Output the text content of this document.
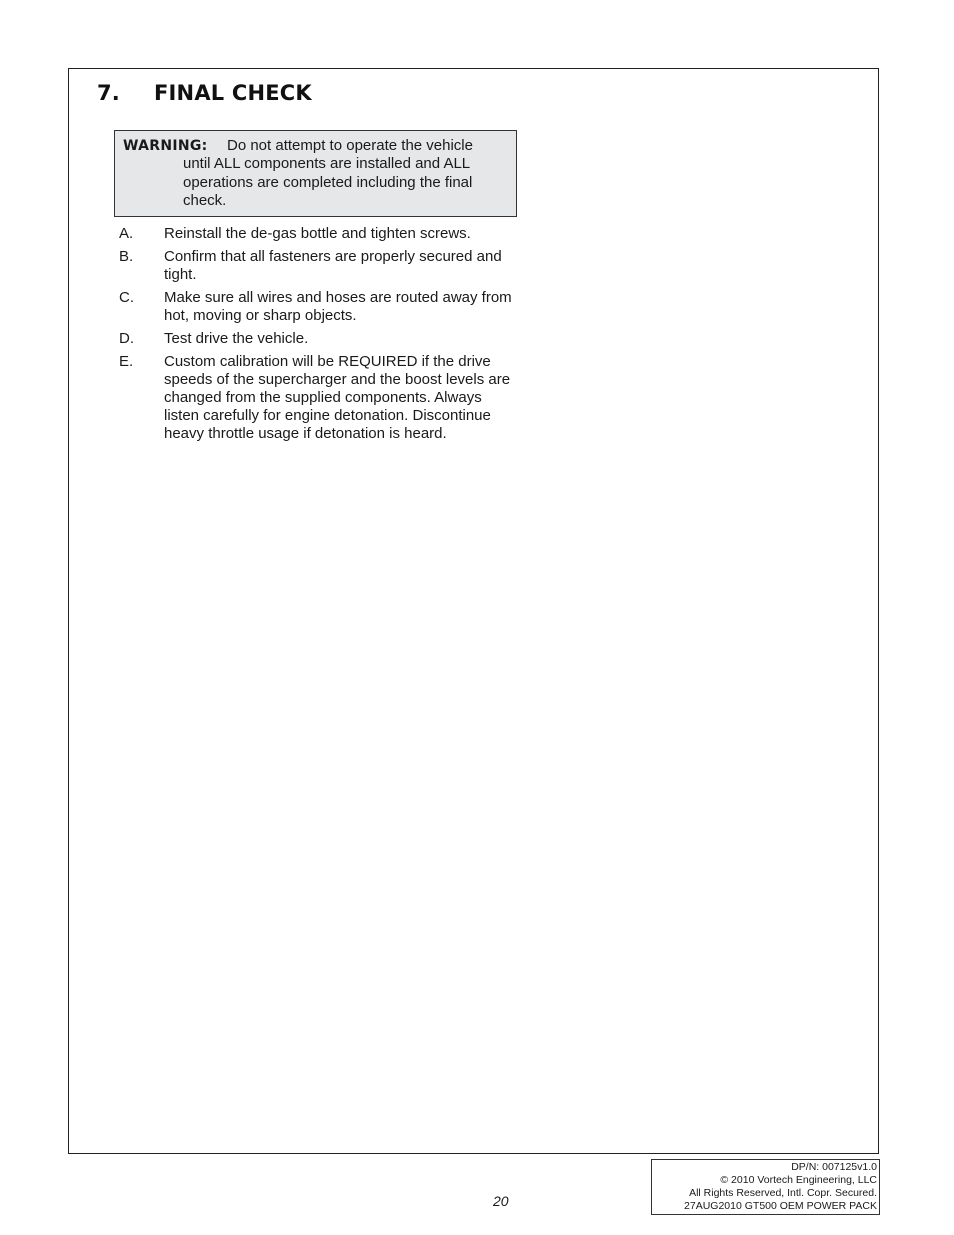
7.	FINAL CHECK
WARNING:	Do not attempt to operate the vehicle
until ALL components are installed and ALL
operations are completed including the final
check.
A.	Reinstall the de-gas bottle and tighten screws.
B.	Confirm that all fasteners are properly secured and tight.
C.	Make sure all wires and hoses are routed away from hot, moving or sharp objects.
D.	Test drive the vehicle.
E.	Custom calibration will be REQUIRED if the drive speeds of the supercharger and the boost levels are changed from the supplied components. Always listen carefully for engine detonation. Discontinue heavy throttle usage if detonation is heard.
20
DP/N: 007125v1.0
© 2010 Vortech Engineering, LLC
All Rights Reserved, Intl. Copr. Secured.
27AUG2010 GT500 OEM POWER PACK
